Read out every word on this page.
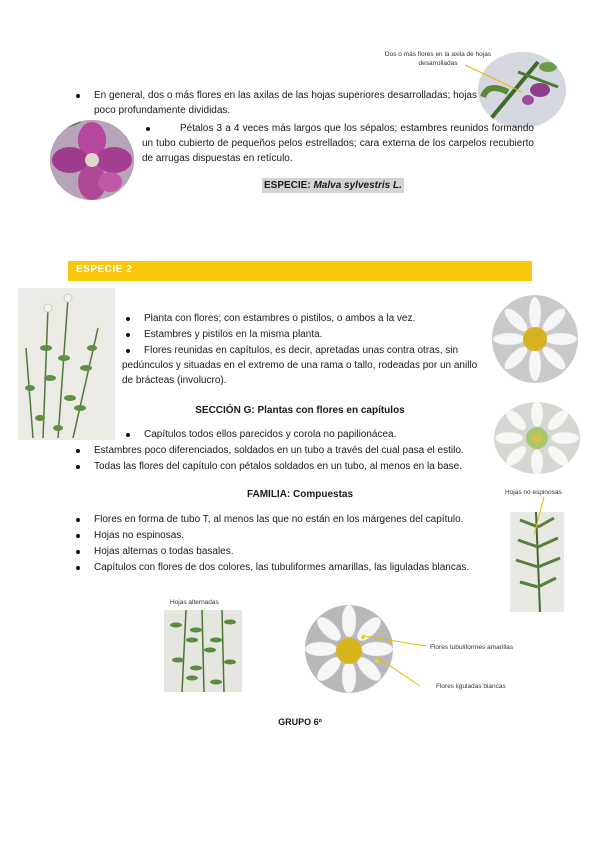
Dos o más flores en la axila de hojas desarrolladas
En general, dos o más flores en las axilas de las hojas superiores desarrolladas; hojas poco profundamente divididas.
Pétalos 3 a 4 veces más largos que los sépalos; estambres reunidos formando un tubo cubierto de pequeños pelos estrellados; cara externa de los carpelos recubierto de arrugas dispuestas en retículo.
ESPECIE: Malva sylvestris L.
ESPECIE 2
Planta con flores; con estambres o pistilos, o ambos a la vez.
Estambres y pistilos en la misma planta.
Flores reunidas en capítulos, es decir, apretadas unas contra otras, sin pedúnculos y situadas en el extremo de una rama o tallo, rodeadas por un anillo de brácteas (involucro).
SECCIÓN G: Plantas con flores en capítulos
Capítulos todos ellos parecidos y corola no papilionácea.
Estambres poco diferenciados, soldados en un tubo a través del cual pasa el estilo.
Todas las flores del capítulo con pétalos soldados en un tubo, al menos en la base.
FAMILIA: Compuestas	Hojas no espinosas
Flores en forma de tubo T, al menos las que no están en los márgenes del capítulo.
Hojas no espinosas.
Hojas alternas o todas basales.
Capítulos con flores de dos colores, las tubuliformes amarillas, las liguladas blancas.
Hojas alternadas
Flores tubuliformes amarillas
Flores liguladas blancas
GRUPO 6º
